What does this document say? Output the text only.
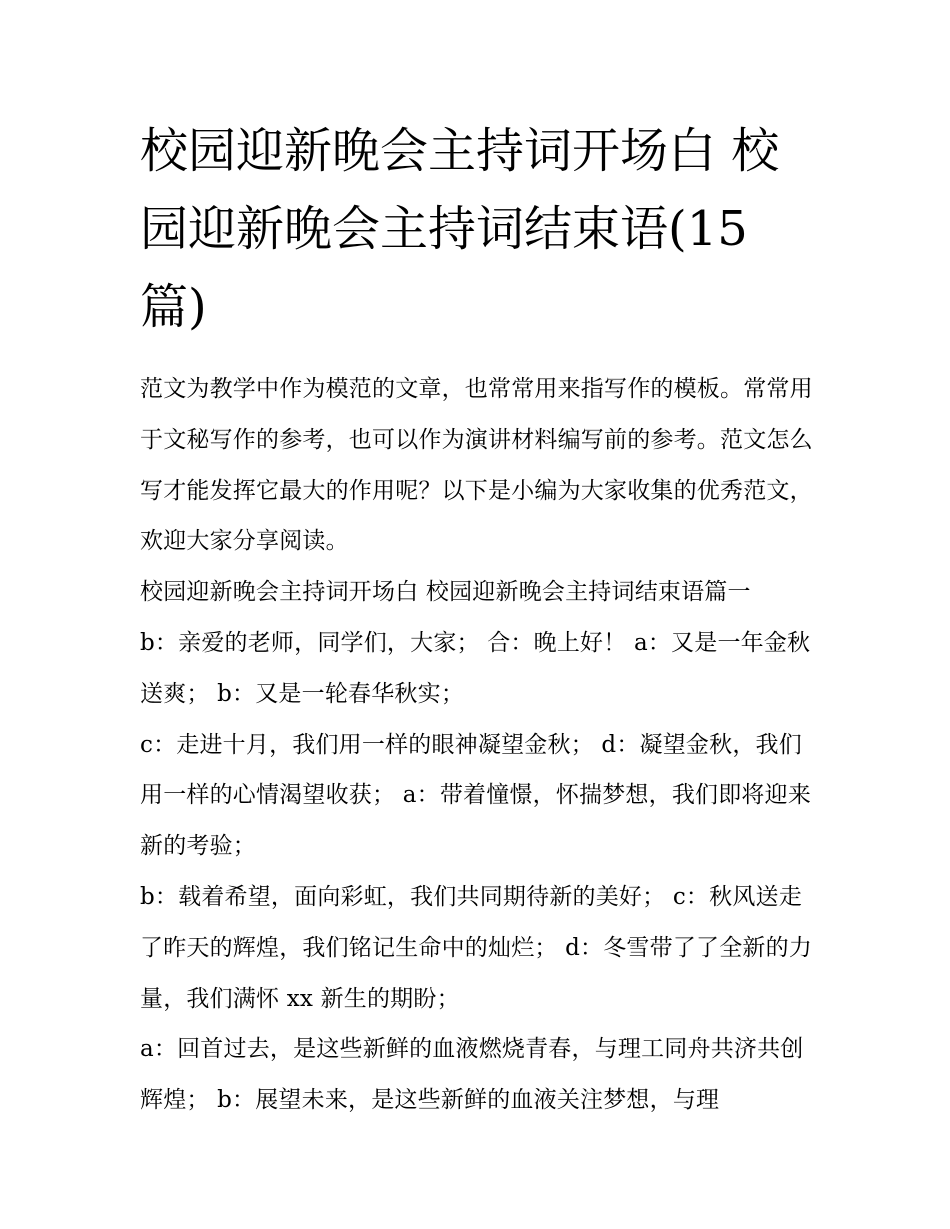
校园迎新晚会主持词开场白 校
园迎新晚会主持词结束语(15
篇)

范文为教学中作为模范的文章，也常常用来指写作的模板。常常用于文秘写作的参考，也可以作为演讲材料编写前的参考。范文怎么写才能发挥它最大的作用呢？以下是小编为大家收集的优秀范文，欢迎大家分享阅读。

校园迎新晚会主持词开场白 校园迎新晚会主持词结束语篇一

b：亲爱的老师，同学们，大家； 合：晚上好！ a：又是一年金秋送爽； b：又是一轮春华秋实；

c：走进十月，我们用一样的眼神凝望金秋； d：凝望金秋，我们用一样的心情渴望收获； a：带着憧憬，怀揣梦想，我们即将迎来新的考验；

b：载着希望，面向彩虹，我们共同期待新的美好； c：秋风送走了昨天的辉煌，我们铭记生命中的灿烂； d：冬雪带了了全新的力量，我们满怀 xx 新生的期盼；

a：回首过去，是这些新鲜的血液燃烧青春，与理工同舟共济共创辉煌； b：展望未来，是这些新鲜的血液关注梦想，与理
